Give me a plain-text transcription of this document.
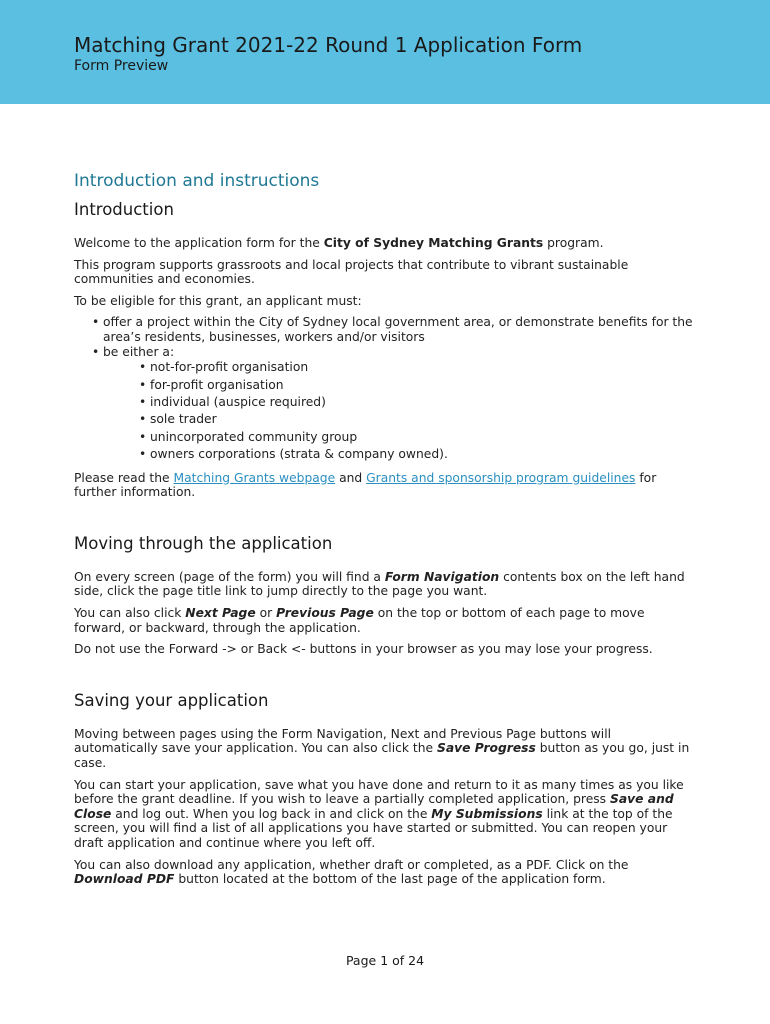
Matching Grant 2021-22 Round 1 Application Form
Form Preview
Introduction and instructions
Introduction

Welcome to the application form for the City of Sydney Matching Grants program.

This program supports grassroots and local projects that contribute to vibrant sustainable communities and economies.

To be eligible for this grant, an applicant must:

• offer a project within the City of Sydney local government area, or demonstrate benefits for the area’s residents, businesses, workers and/or visitors
• be either a:
• not-for-profit organisation
• for-profit organisation
• individual (auspice required)
• sole trader
• unincorporated community group
• owners corporations (strata & company owned).

Please read the Matching Grants webpage and Grants and sponsorship program guidelines for further information.

Moving through the application

On every screen (page of the form) you will find a Form Navigation contents box on the left hand side, click the page title link to jump directly to the page you want.

You can also click Next Page or Previous Page on the top or bottom of each page to move forward, or backward, through the application.

Do not use the Forward -> or Back <- buttons in your browser as you may lose your progress.

Saving your application

Moving between pages using the Form Navigation, Next and Previous Page buttons will automatically save your application. You can also click the Save Progress button as you go, just in case.

You can start your application, save what you have done and return to it as many times as you like before the grant deadline. If you wish to leave a partially completed application, press Save and Close and log out. When you log back in and click on the My Submissions link at the top of the screen, you will find a list of all applications you have started or submitted. You can reopen your draft application and continue where you left off.

You can also download any application, whether draft or completed, as a PDF. Click on the Download PDF button located at the bottom of the last page of the application form.

Page 1 of 24
